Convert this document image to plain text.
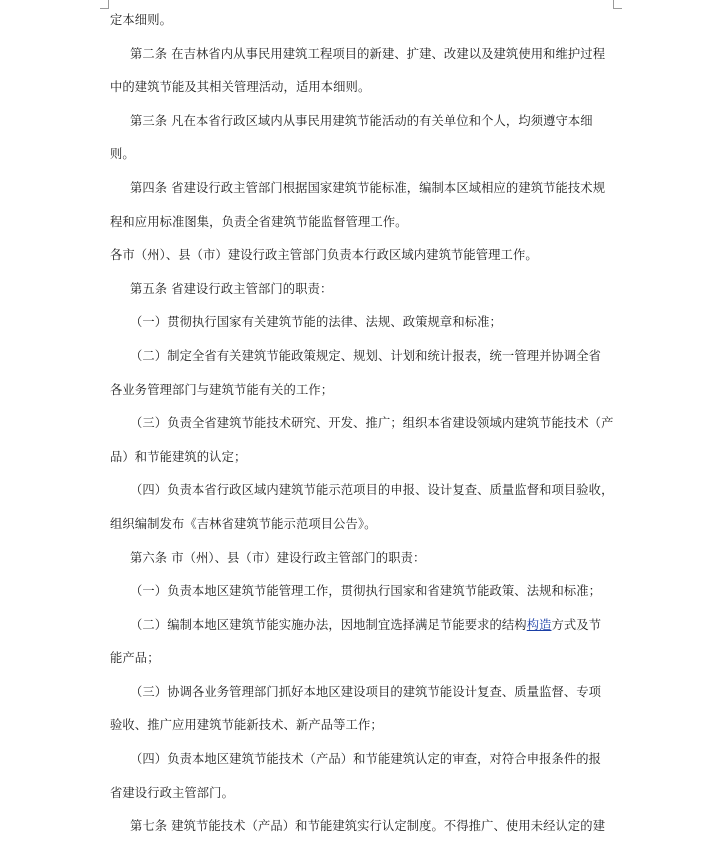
定本细则。

第二条 在吉林省内从事民用建筑工程项目的新建、扩建、改建以及建筑使用和维护过程

中的建筑节能及其相关管理活动，适用本细则。

第三条 凡在本省行政区域内从事民用建筑节能活动的有关单位和个人，均须遵守本细

则。

第四条 省建设行政主管部门根据国家建筑节能标准，编制本区域相应的建筑节能技术规

程和应用标准图集，负责全省建筑节能监督管理工作。

各市（州）、县（市）建设行政主管部门负责本行政区域内建筑节能管理工作。

第五条 省建设行政主管部门的职责：

（一）贯彻执行国家有关建筑节能的法律、法规、政策规章和标准；

（二）制定全省有关建筑节能政策规定、规划、计划和统计报表，统一管理并协调全省

各业务管理部门与建筑节能有关的工作；

（三）负责全省建筑节能技术研究、开发、推广；组织本省建设领域内建筑节能技术（产

品）和节能建筑的认定；

（四）负责本省行政区域内建筑节能示范项目的申报、设计复查、质量监督和项目验收，

组织编制发布《吉林省建筑节能示范项目公告》。

第六条 市（州）、县（市）建设行政主管部门的职责：

（一）负责本地区建筑节能管理工作，贯彻执行国家和省建筑节能政策、法规和标准；

（二）编制本地区建筑节能实施办法，因地制宜选择满足节能要求的结构构造方式及节

能产品；

（三）协调各业务管理部门抓好本地区建设项目的建筑节能设计复查、质量监督、专项

验收、推广应用建筑节能新技术、新产品等工作；

（四）负责本地区建筑节能技术（产品）和节能建筑认定的审查，对符合申报条件的报

省建设行政主管部门。

第七条 建筑节能技术（产品）和节能建筑实行认定制度。不得推广、使用未经认定的建
